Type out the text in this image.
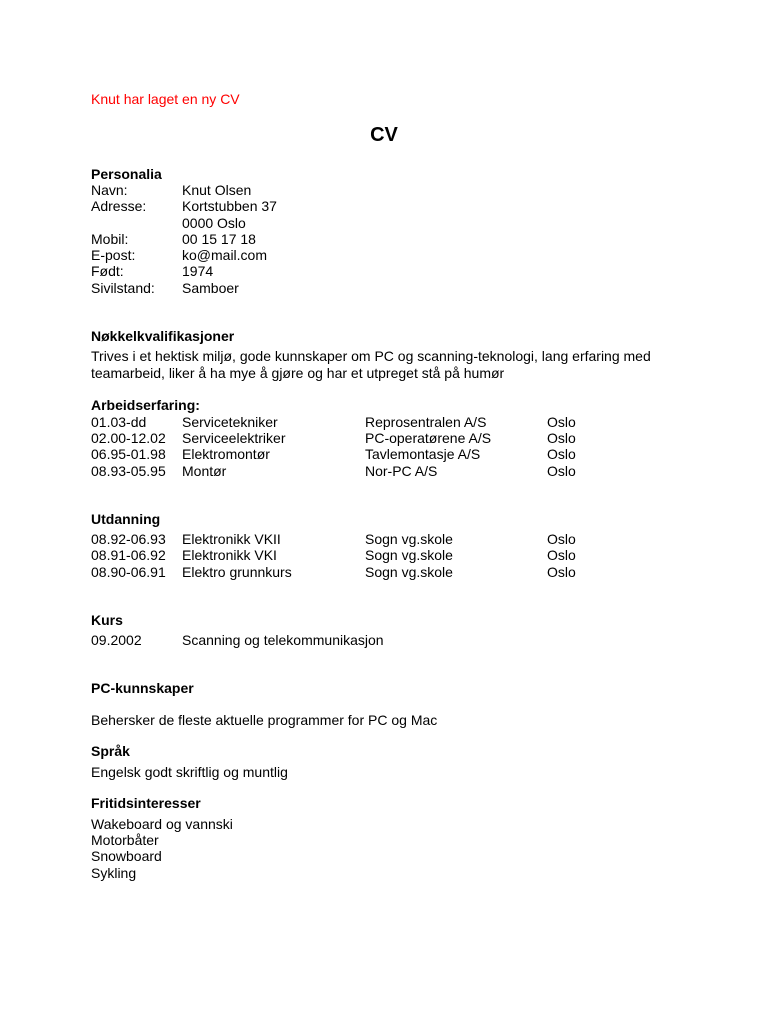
Knut har laget en ny CV
CV
Personalia
Navn:	Knut Olsen
Adresse:	Kortstubben 37
0000 Oslo
Mobil:	00 15 17 18
E-post:	ko@mail.com
Født:	1974
Sivilstand: Samboer
Nøkkelkvalifikasjoner
Trives i et hektisk miljø, gode kunnskaper om PC og scanning-teknologi, lang erfaring med
teamarbeid, liker å ha mye å gjøre og har et utpreget stå på humør
Arbeidserfaring:
01.03-dd	Servicetekniker	Reprosentralen A/S	Oslo
02.00-12.02 Serviceelektriker	PC-operatørene A/S	Oslo
06.95-01.98 Elektromontør	Tavlemontasje A/S	Oslo
08.93-05.95 Montør	Nor-PC A/S	Oslo
Utdanning
08.92-06.93 Elektronikk VKII	Sogn vg.skole	Oslo
08.91-06.92 Elektronikk VKI	Sogn vg.skole	Oslo
08.90-06.91 Elektro grunnkurs	Sogn vg.skole	Oslo
Kurs
09.2002	Scanning og telekommunikasjon
PC-kunnskaper
Behersker de fleste aktuelle programmer for PC og Mac
Språk
Engelsk godt skriftlig og muntlig
Fritidsinteresser
Wakeboard og vannski
Motorbåter
Snowboard
Sykling
